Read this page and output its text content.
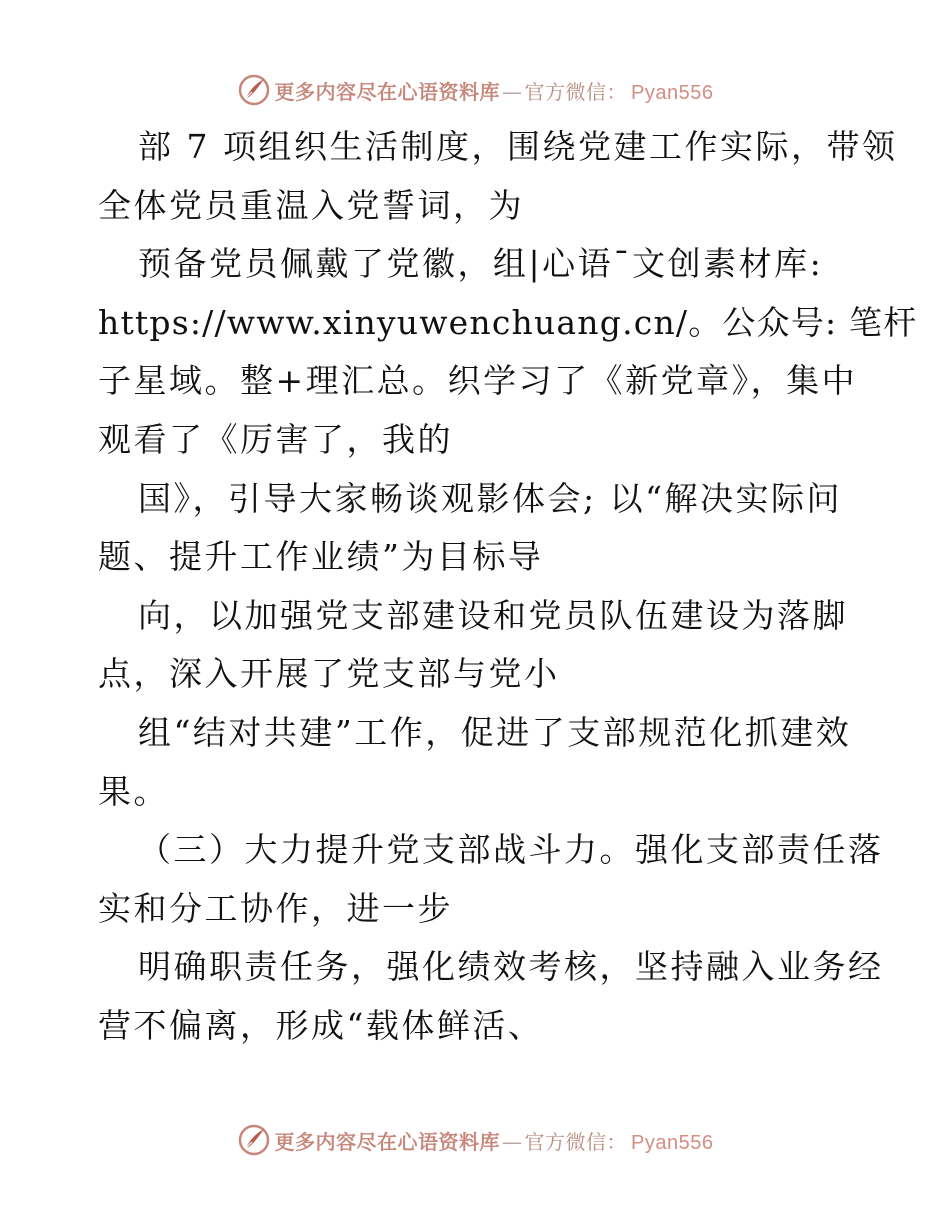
更多内容尽在心语资料库 — 官方微信： Pyan556
部 7 项组织生活制度，围绕党建工作实际，带领
全体党员重温入党誓词，为
预备党员佩戴了党徽，组|心语¯文创素材库:
https://www.xinyuwenchuang.cn/。公众号: 笔杆
子星域。整+理汇总。织学习了《新党章》，集中
观看了《厉害了，我的
国》，引导大家畅谈观影体会; 以“解决实际问
题、提升工作业绩”为目标导
向，以加强党支部建设和党员队伍建设为落脚
点，深入开展了党支部与党小
组“结对共建”工作，促进了支部规范化抓建效
果。
（三）大力提升党支部战斗力。强化支部责任落
实和分工协作，进一步
明确职责任务，强化绩效考核，坚持融入业务经
营不偏离，形成“载体鲜活、
更多内容尽在心语资料库 — 官方微信： Pyan556
